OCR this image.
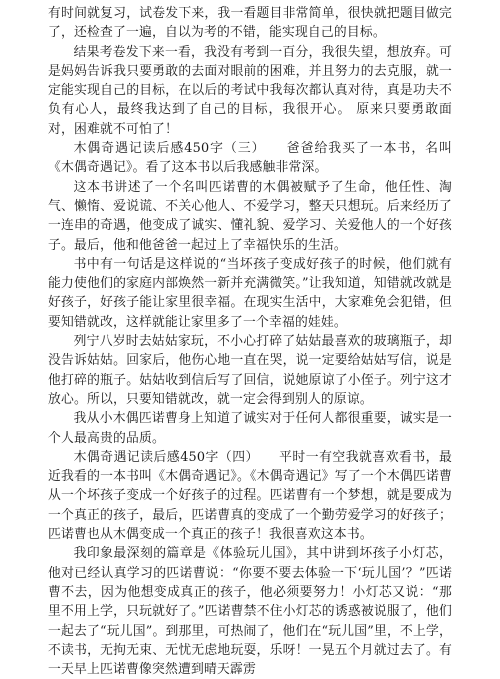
有时间就复习，试卷发下来，我一看题目非常简单，很快就把题目做完了，还检查了一遍，自以为考的不错，能实现自己的目标。

结果考卷发下来一看，我没有考到一百分，我很失望，想放弃。可是妈妈告诉我只要勇敢的去面对眼前的困难，并且努力的去克服，就一定能实现自己的目标，在以后的考试中我每次都认真对待，真是功夫不负有心人，最终我达到了自己的目标，我很开心。 原来只要勇敢面对，困难就不可怕了！

木偶奇遇记读后感450字（三）　　爸爸给我买了一本书，名叫《木偶奇遇记》。看了这本书以后我感触非常深。

这本书讲述了一个名叫匹诺曹的木偶被赋予了生命，他任性、淘气、懒惰、爱说谎、不关心他人、不爱学习，整天只想玩。后来经历了一连串的奇遇，他变成了诚实、懂礼貌、爱学习、关爱他人的一个好孩子。最后，他和他爸爸一起过上了幸福快乐的生活。

书中有一句话是这样说的“当坏孩子变成好孩子的时候，他们就有能力使他们的家庭内部焕然一新并充满微笑。”让我知道，知错就改就是好孩子，好孩子能让家里很幸福。在现实生活中，大家难免会犯错，但要知错就改，这样就能让家里多了一个幸福的娃娃。

列宁八岁时去姑姑家玩，不小心打碎了姑姑最喜欢的玻璃瓶子，却没告诉姑姑。回家后，他伤心地一直在哭，说一定要给姑姑写信，说是他打碎的瓶子。姑姑收到信后写了回信，说她原谅了小侄子。列宁这才放心。所以，只要知错就改，就一定会得到别人的原谅。

我从小木偶匹诺曹身上知道了诚实对于任何人都很重要，诚实是一个人最高贵的品质。

木偶奇遇记读后感450字（四）　　平时一有空我就喜欢看书，最近我看的一本书叫《木偶奇遇记》。《木偶奇遇记》写了一个木偶匹诺曹从一个坏孩子变成一个好孩子的过程。匹诺曹有一个梦想，就是要成为一个真正的孩子，最后，匹诺曹真的变成了一个勤劳爱学习的好孩子；匹诺曹也从木偶变成一个真正的孩子！我很喜欢这本书。

我印象最深刻的篇章是《体验玩儿国》，其中讲到坏孩子小灯芯，他对已经认真学习的匹诺曹说：“你要不要去体验一下‘玩儿国’？”匹诺曹不去，因为他想变成真正的孩子，他必须要努力！小灯芯又说：“那里不用上学，只玩就好了。”匹诺曹禁不住小灯芯的诱惑被说服了，他们一起去了“玩儿国”。到那里，可热闹了，他们在“玩儿国”里，不上学，不读书，无拘无束、无忧无虑地玩耍，乐呀！一晃五个月就过去了。有一天早上匹诺曹像突然遭到晴天霹雳
